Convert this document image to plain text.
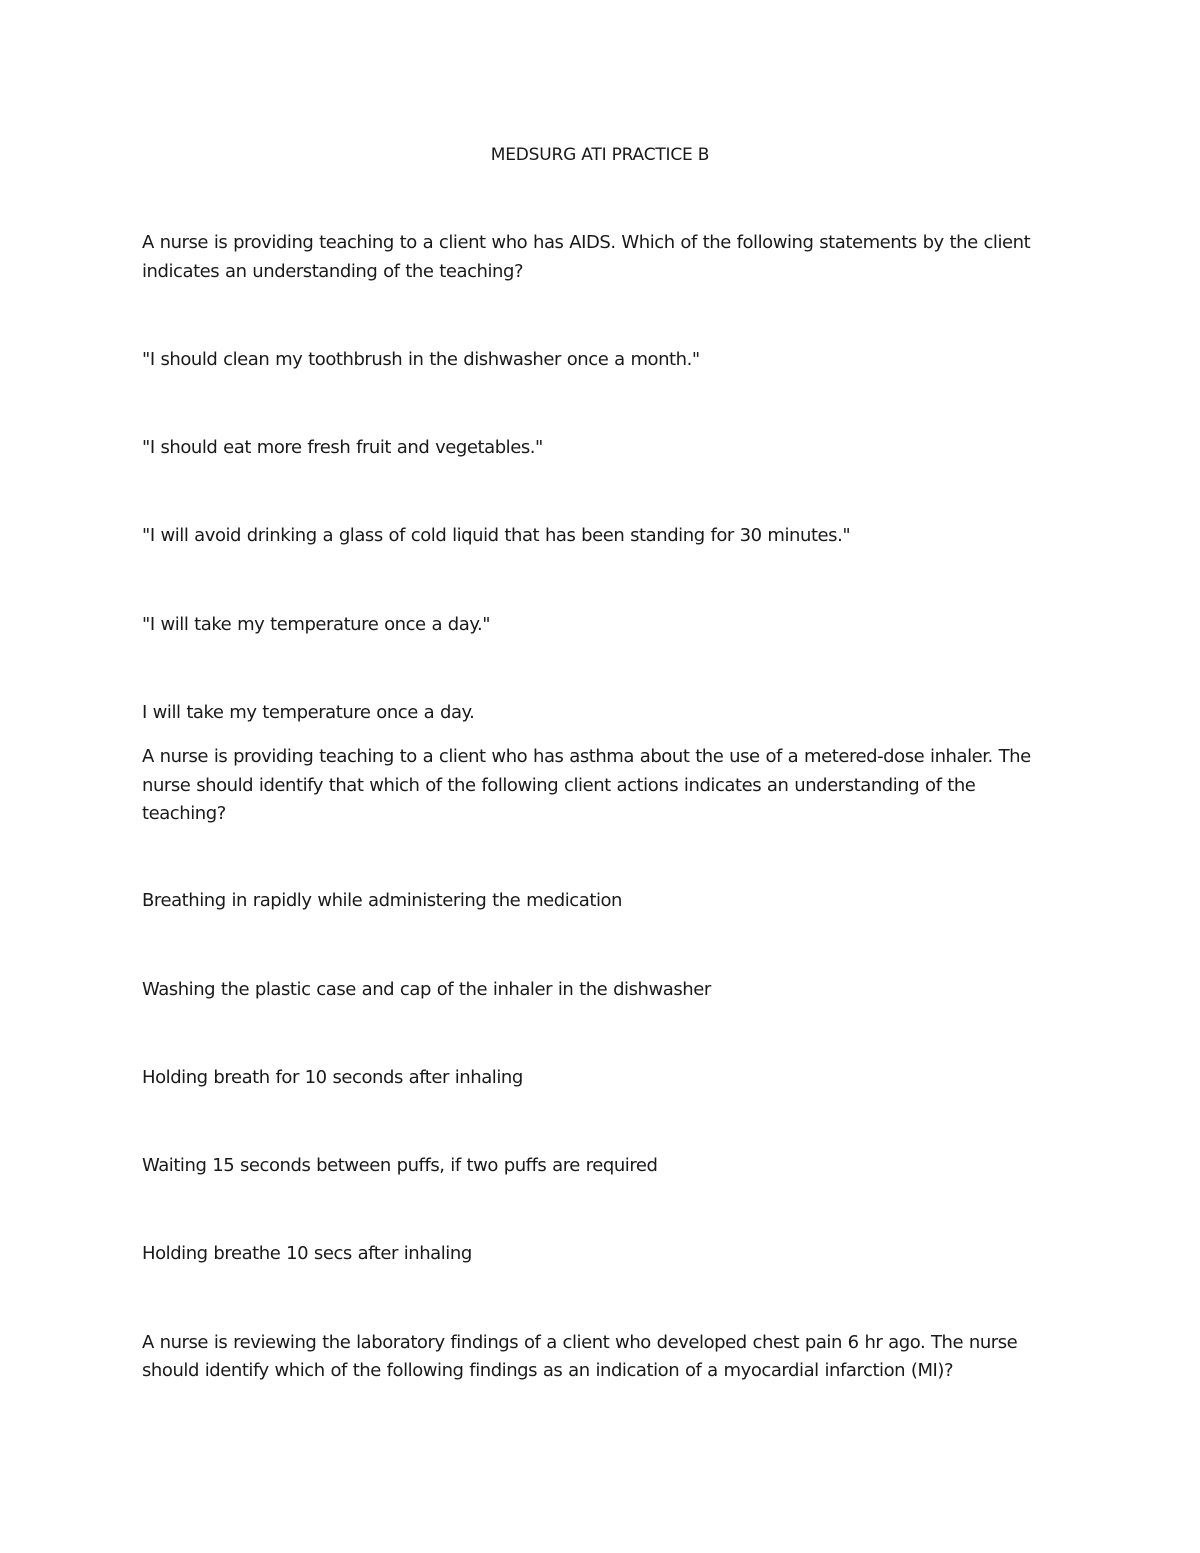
MEDSURG ATI PRACTICE B
A nurse is providing teaching to a client who has AIDS. Which of the following statements by the client
indicates an understanding of the teaching?
"I should clean my toothbrush in the dishwasher once a month."
"I should eat more fresh fruit and vegetables."
"I will avoid drinking a glass of cold liquid that has been standing for 30 minutes."
"I will take my temperature once a day."
I will take my temperature once a day.
A nurse is providing teaching to a client who has asthma about the use of a metered-dose inhaler. The
nurse should identify that which of the following client actions indicates an understanding of the
teaching?
Breathing in rapidly while administering the medication
Washing the plastic case and cap of the inhaler in the dishwasher
Holding breath for 10 seconds after inhaling
Waiting 15 seconds between puffs, if two puffs are required
Holding breathe 10 secs after inhaling
A nurse is reviewing the laboratory findings of a client who developed chest pain 6 hr ago. The nurse
should identify which of the following findings as an indication of a myocardial infarction (MI)?
